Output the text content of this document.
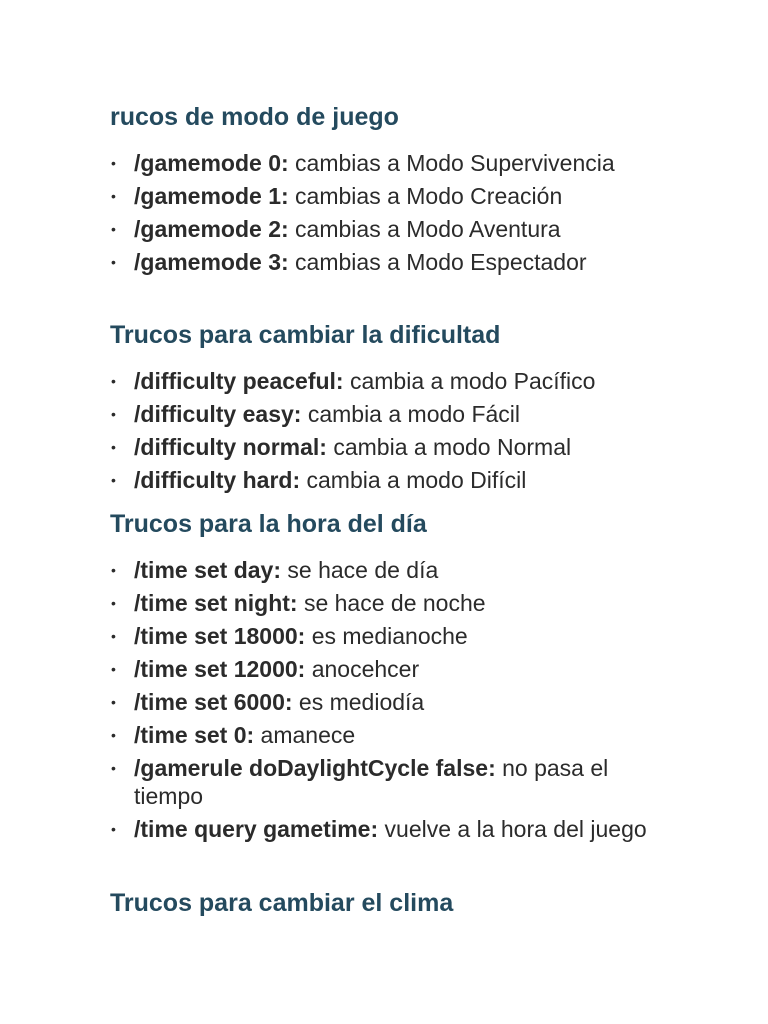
rucos de modo de juego
• /gamemode 0: cambias a Modo Supervivencia
• /gamemode 1: cambias a Modo Creación
• /gamemode 2: cambias a Modo Aventura
• /gamemode 3: cambias a Modo Espectador
Trucos para cambiar la dificultad
• /difficulty peaceful: cambia a modo Pacífico
• /difficulty easy: cambia a modo Fácil
• /difficulty normal: cambia a modo Normal
• /difficulty hard: cambia a modo Difícil
Trucos para la hora del día
• /time set day: se hace de día
• /time set night: se hace de noche
• /time set 18000: es medianoche
• /time set 12000: anocehcer
• /time set 6000: es mediodía
• /time set 0: amanece
• /gamerule doDaylightCycle false: no pasa el tiempo
• /time query gametime: vuelve a la hora del juego
Trucos para cambiar el clima
